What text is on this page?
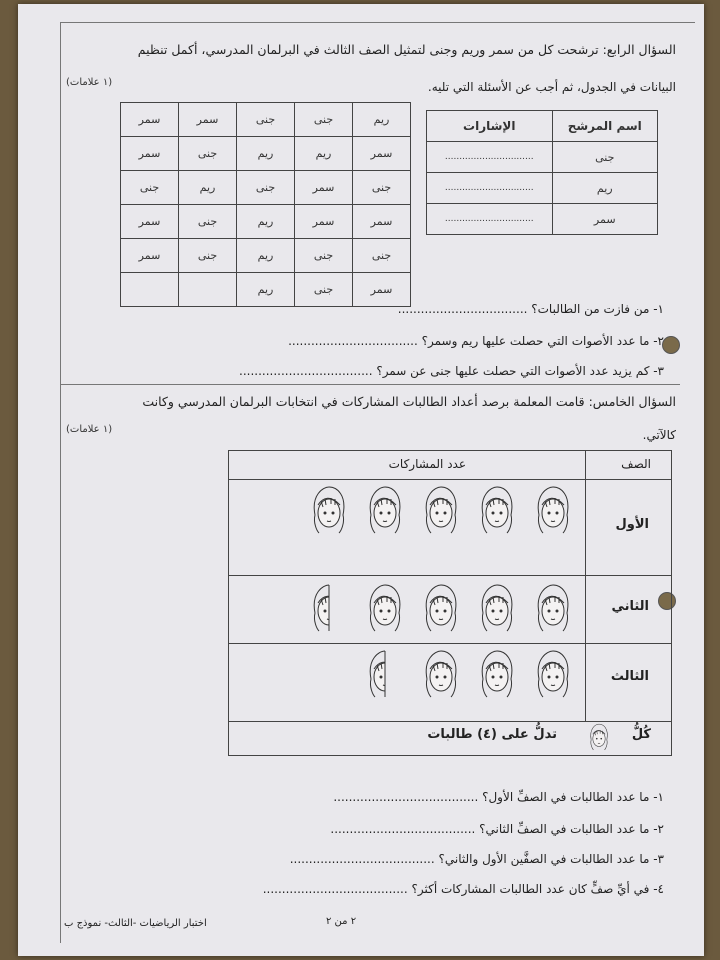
السؤال الرابع: ترشحت كل من سمر وريم وجنى لتمثيل الصف الثالث في البرلمان المدرسي، أكمل تنظيم
البيانات في الجدول، ثم أجب عن الأسئلة التي تليه.
(١ علامات)
ريم	جنى	جنى	سمر	سمر
سمر	ريم	ريم	جنى	سمر
جنى	سمر	جنى	ريم	جنى
سمر	سمر	ريم	جنى	سمر
جنى	جنى	ريم	جنى	سمر
سمر	جنى	ريم		
اسم المرشح	الإشارات
جنى	...............................
ريم	...............................
سمر	...............................
١- من فازت من الطالبات؟ ..................................
٢- ما عدد الأصوات التي حصلت عليها ريم وسمر؟ ..................................
٣- كم يزيد عدد الأصوات التي حصلت عليها جنى عن سمر؟ ...................................
السؤال الخامس: قامت المعلمة برصد أعداد الطالبات المشاركات في انتخابات البرلمان المدرسي وكانت
كالآتي.
(١ علامات)
الصف
عدد المشاركات
كُلُّ
تدلُّ على (٤) طالبات
الأول
الثاني
الثالث
١- ما عدد الطالبات في الصفِّ الأول؟ ......................................
٢- ما عدد الطالبات في الصفِّ الثاني؟ ......................................
٣- ما عدد الطالبات في الصفَّين الأول والثاني؟ ......................................
٤- في أيِّ صفٍّ كان عدد الطالبات المشاركات أكثر؟ ......................................
٢ من ٢
اختبار الرياضيات -الثالث- نموذج ب
